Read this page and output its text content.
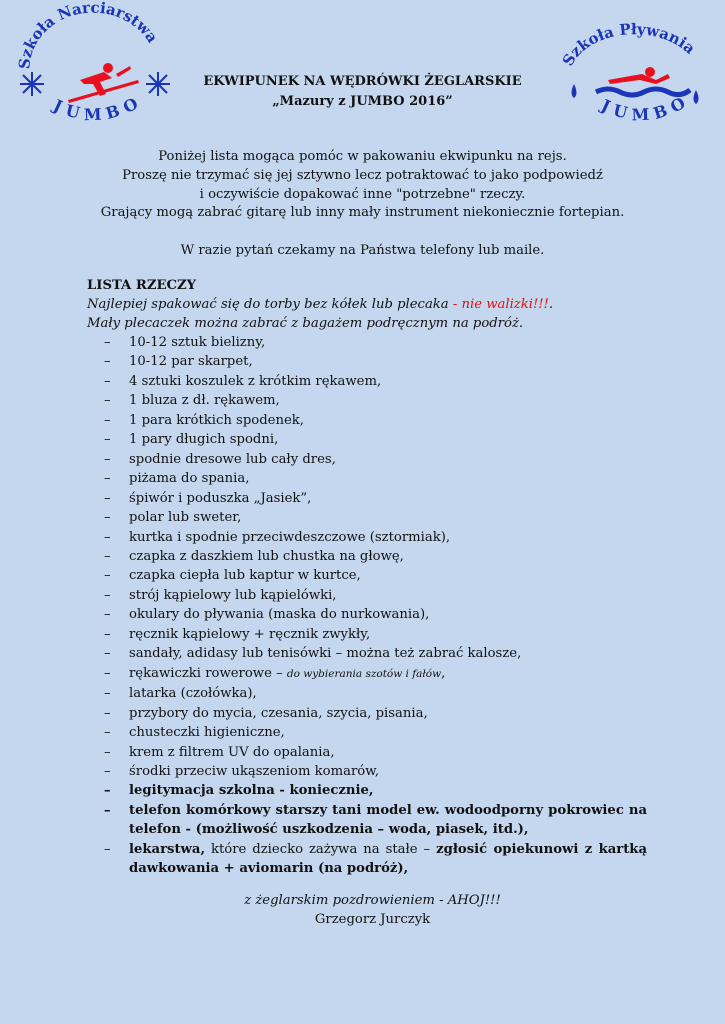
Szkoła Narciarstwa
JUMBO
Szkoła Pływania
JUMBO

EKWIPUNEK NA WĘDRÓWKI ŻEGLARSKIE

„Mazury z JUMBO 2016”

Poniżej lista mogąca pomóc w pakowaniu ekwipunku na rejs.

Proszę nie trzymać się jej sztywno lecz potraktować to jako podpowiedź

i oczywiście dopakować inne "potrzebne" rzeczy.

Grający mogą zabrać gitarę lub inny mały instrument niekoniecznie fortepian.

W razie pytań czekamy na Państwa telefony lub maile.

LISTA RZECZY

Najlepiej spakować się do torby bez kółek lub plecaka - nie walizki!!!.

Mały plecaczek można zabrać z bagażem podręcznym na podróż.

– 10-12 sztuk bielizny,
– 10-12 par skarpet,
– 4 sztuki koszulek z krótkim rękawem,
– 1 bluza z dł. rękawem,
– 1 para krótkich spodenek,
– 1 pary długich spodni,
– spodnie dresowe lub cały dres,
– piżama do spania,
– śpiwór i poduszka „Jasiek”,
– polar lub sweter,
– kurtka i spodnie przeciwdeszczowe (sztormiak),
– czapka z daszkiem lub chustka na głowę,
– czapka ciepła lub kaptur w kurtce,
– strój kąpielowy lub kąpielówki,
– okulary do pływania (maska do nurkowania),
– ręcznik kąpielowy + ręcznik zwykły,
– sandały, adidasy lub tenisówki – można też zabrać kalosze,
– rękawiczki rowerowe – do wybierania szotów i fałów,
– latarka (czołówka),
– przybory do mycia, czesania, szycia, pisania,
– chusteczki higieniczne,
– krem z filtrem UV do opalania,
– środki przeciw ukąszeniom komarów,
– legitymacja szkolna - koniecznie,
– telefon komórkowy starszy tani model ew. wodoodporny pokrowiec na telefon - (możliwość uszkodzenia – woda, piasek, itd.),
– lekarstwa, które dziecko zażywa na stałe – zgłosić opiekunowi z kartką dawkowania + aviomarin (na podróż),

z żeglarskim pozdrowieniem - AHOJ!!!

Grzegorz Jurczyk
